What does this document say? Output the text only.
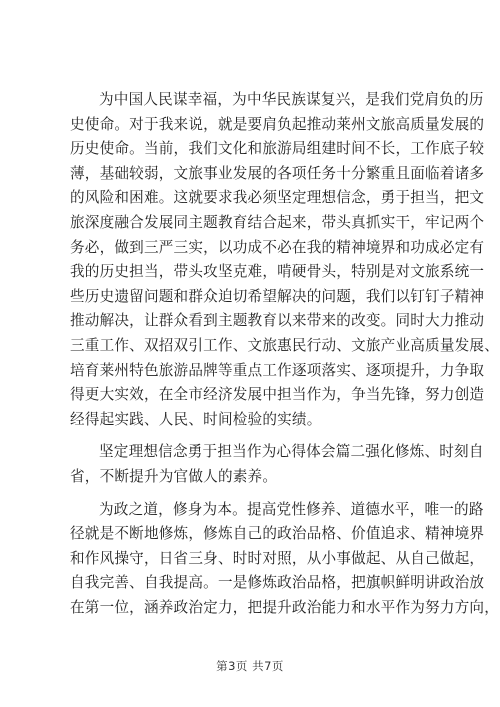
为中国人民谋幸福，为中华民族谋复兴，是我们党肩负的历
史使命。对于我来说，就是要肩负起推动莱州文旅高质量发展的
历史使命。当前，我们文化和旅游局组建时间不长，工作底子较
薄，基础较弱，文旅事业发展的各项任务十分繁重且面临着诸多
的风险和困难。这就要求我必须坚定理想信念，勇于担当，把文
旅深度融合发展同主题教育结合起来，带头真抓实干，牢记两个
务必，做到三严三实，以功成不必在我的精神境界和功成必定有
我的历史担当，带头攻坚克难，啃硬骨头，特别是对文旅系统一
些历史遗留问题和群众迫切希望解决的问题，我们以钉钉子精神
推动解决，让群众看到主题教育以来带来的改变。同时大力推动
三重工作、双招双引工作、文旅惠民行动、文旅产业高质量发展、
培育莱州特色旅游品牌等重点工作逐项落实、逐项提升，力争取
得更大实效，在全市经济发展中担当作为，争当先锋，努力创造
经得起实践、人民、时间检验的实绩。

坚定理想信念勇于担当作为心得体会篇二强化修炼、时刻自
省，不断提升为官做人的素养。

为政之道，修身为本。提高党性修养、道德水平，唯一的路
径就是不断地修炼，修炼自己的政治品格、价值追求、精神境界
和作风操守，日省三身、时时对照，从小事做起、从自己做起，
自我完善、自我提高。一是修炼政治品格，把旗帜鲜明讲政治放
在第一位，涵养政治定力，把提升政治能力和水平作为努力方向，

第3页 共7页
